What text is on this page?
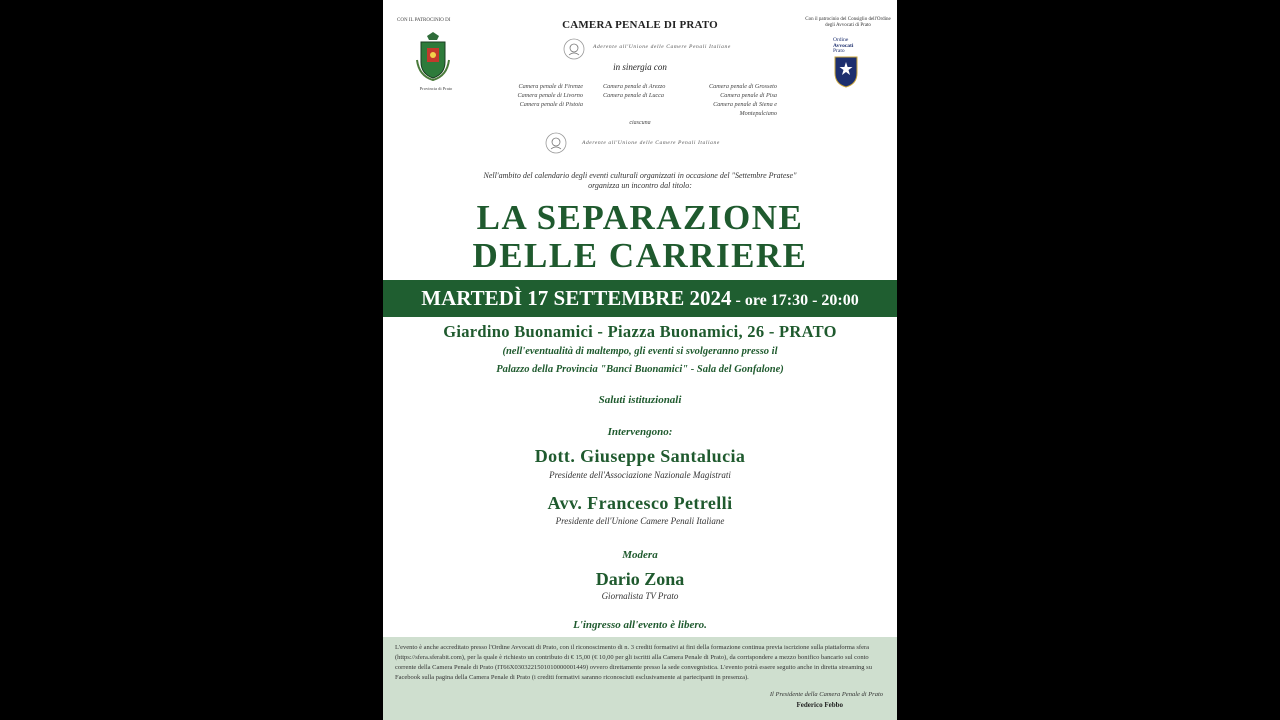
CON IL PATROCINIO DI
Provincia di Prato
CAMERA PENALE DI PRATO
Aderente all'Unione delle Camere Penali Italiane
in sinergia con
Camera penale di Firenze
Camera penale di Livorno
Camera penale di Pistoia
Camera penale di Arezzo
Camera penale di Lucca
Camera penale di Grosseto
Camera penale di Pisa
Camera penale di Siena e
Montepulciano
ciascuna
Aderente all'Unione delle Camere Penali Italiane
Con il patrocinio del Consiglio dell'Ordine degli Avvocati di Prato
Ordine
Avvocati
Prato
Nell'ambito del calendario degli eventi culturali organizzati in occasione del "Settembre Pratese"
organizza un incontro dal titolo:
LA SEPARAZIONE
DELLE CARRIERE
MARTEDÌ 17 SETTEMBRE 2024 - ore 17:30 - 20:00
Giardino Buonamici - Piazza Buonamici, 26 - PRATO
(nell'eventualità di maltempo, gli eventi si svolgeranno presso il
Palazzo della Provincia "Banci Buonamici" - Sala del Gonfalone)
Saluti istituzionali
Intervengono:
Dott. Giuseppe Santalucia
Presidente dell'Associazione Nazionale Magistrati
Avv. Francesco Petrelli
Presidente dell'Unione Camere Penali Italiane
Modera
Dario Zona
Giornalista TV Prato
L'ingresso all'evento è libero.
L'evento è anche accreditato presso l'Ordine Avvocati di Prato, con il riconoscimento di n. 3 crediti formativi ai fini della formazione continua previa iscrizione sulla piattaforma sfera (https://sfera.sferabit.com), per la quale è richiesto un contributo di € 15,00 (€ 10,00 per gli iscritti alla Camera Penale di Prato), da corrispondere a mezzo bonifico bancario sul conto corrente della Camera Penale di Prato (IT66X0303221501010000001449) ovvero direttamente presso la sede convegnistica. L'evento potrà essere seguito anche in diretta streaming su Facebook sulla pagina della Camera Penale di Prato (i crediti formativi saranno riconosciuti esclusivamente ai partecipanti in presenza).
Il Presidente della Camera Penale di Prato
Federico Febbo
